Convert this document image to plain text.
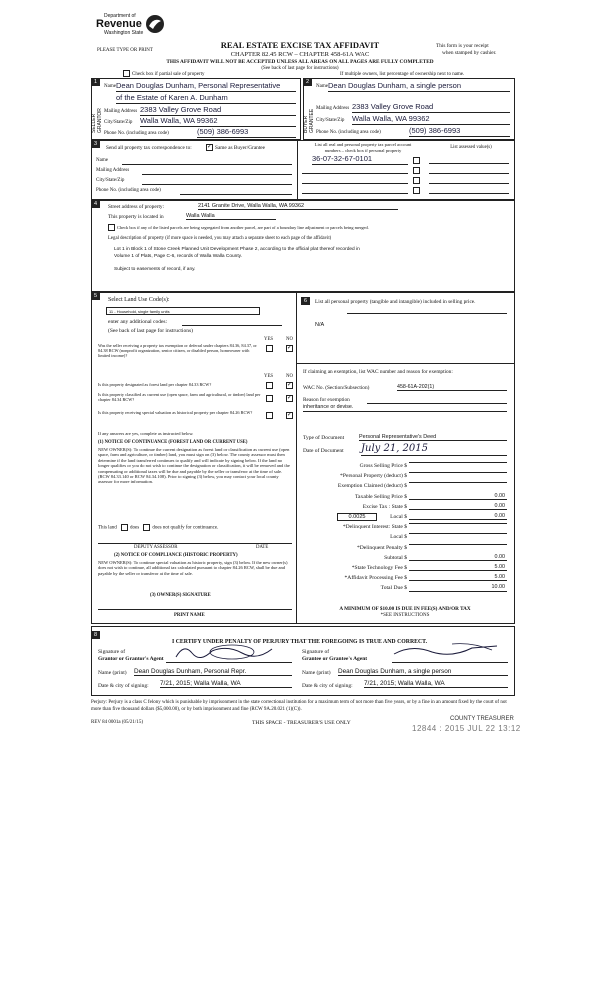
Department of
Revenue
Washington State
PLEASE TYPE OR PRINT
REAL ESTATE EXCISE TAX AFFIDAVIT
CHAPTER 82.45 RCW – CHAPTER 458-61A WAC
THIS AFFIDAVIT WILL NOT BE ACCEPTED UNLESS ALL AREAS ON ALL PAGES ARE FULLY COMPLETED
(See back of last page for instructions)
This form is your receipt
when stamped by cashier.
Check box if partial sale of property	If multiple owners, list percentage of ownership next to name.
1
SELLER GRANTOR
Name Dean Douglas Dunham, Personal Representative
of the Estate of Karen A. Dunham
Mailing Address 2383 Valley Grove Road
City/State/Zip Walla Walla, WA 99362
Phone No. (including area code)	(509) 386-6993
2
BUYER GRANTEE
Name Dean Douglas Dunham, a single person
Mailing Address 2383 Valley Grove Road
City/State/Zip Walla Walla, WA 99362
Phone No. (including area code)	(509) 386-6993
3
Send all property tax correspondence to:	✓ Same as Buyer/Grantee
Name
Mailing Address
City/State/Zip
Phone No. (including area code)
List all real and personal property tax parcel account
numbers – check box if personal property
List assessed value(s)
36-07-32-67-0101
4	Street address of property:	2141 Granite Drive, Walla Walla, WA 99362
This property is located in	Walla Walla
Check box if any of the listed parcels are being segregated from another parcel, are part of a boundary line adjustment or parcels being merged.
Legal description of property (if more space is needed, you may attach a separate sheet to each page of the affidavit)
Lot 1 in Block 1 of Stone Creek Planned Unit Development Phase 2, according to the official plat thereof recorded in
Volume 1 of Plats, Page C-6, records of Walla Walla County.
Subject to easements of record, if any.
5
Select Land Use Code(s):
11 - Household, single family units
enter any additional codes:
(See back of last page for instructions)
YES	NO
Was the seller receiving a property tax exemption or deferral under chapters 84.36, 84.37, or 84.38 RCW (nonprofit organization, senior citizen, or disabled person, homeowner with limited income)?
✓
YES	NO
Is this property designated as forest land per chapter 84.33 RCW?	✓
Is this property classified as current use (open space, farm and agricultural, or timber) land per chapter 84.34 RCW?	✓
Is this property receiving special valuation as historical property per chapter 84.26 RCW?	✓
If any answers are yes, complete as instructed below.
(1) NOTICE OF CONTINUANCE (FOREST LAND OR CURRENT USE)
NEW OWNER(S): To continue the current designation as forest land or classification as current use (open space, farm and agriculture, or timber) land, you must sign on (3) below. The county assessor must then determine if the land transferred continues to qualify and will indicate by signing below. If the land no longer qualifies or you do not wish to continue the designation or classification, it will be removed and the compensating or additional taxes will be due and payable by the seller or transferor at the time of sale. (RCW 84.33.140 or RCW 84.34.108). Prior to signing (3) below, you may contact your local county assessor for more information.
This land	does	does not qualify for continuance.
DEPUTY ASSESSOR	DATE
(2) NOTICE OF COMPLIANCE (HISTORIC PROPERTY)
NEW OWNER(S): To continue special valuation as historic property, sign (3) below. If the new owner(s) does not wish to continue, all additional tax calculated pursuant to chapter 84.26 RCW, shall be due and payable by the seller or transferor at the time of sale.
(3) OWNER(S) SIGNATURE
PRINT NAME
6	List all personal property (tangible and intangible) included in selling price.
N/A
If claiming an exemption, list WAC number and reason for exemption:
WAC No. (Section/Subsection)	458-61A-202(1)
Reason for exemption
inheritance or devise.
Type of Document	Personal Representative's Deed
Date of Document July 21, 2015
Gross Selling Price $
*Personal Property (deduct) $
Exemption Claimed (deduct) $
Taxable Selling Price $	0.00
Excise Tax : State $	0.00
Local $	0.00
0.0025
*Delinquent Interest: State $
Local $
*Delinquent Penalty $
Subtotal $	0.00
*State Technology Fee $	5.00
*Affidavit Processing Fee $	5.00
Total Due $	10.00
A MINIMUM OF $10.00 IS DUE IN FEE(S) AND/OR TAX
*SEE INSTRUCTIONS
8
I CERTIFY UNDER PENALTY OF PERJURY THAT THE FOREGOING IS TRUE AND CORRECT.
Signature of
Grantor or Grantor's Agent
Signature of
Grantee or Grantee's Agent
Name (print) Dean Douglas Dunham, Personal Repr.	Name (print) Dean Douglas Dunham, a single person
Date & city of signing: 7/21, 2015; Walla Walla, WA	Date & city of signing: 7/21, 2015; Walla Walla, WA
Perjury: Perjury is a class C felony which is punishable by imprisonment in the state correctional institution for a maximum term of not more than five years, or by a fine in an amount fixed by the court of not more than five thousand dollars ($5,000.00), or by both imprisonment and fine (RCW 9A.20.021 (1)(C)).
REV 84 0001a (05/21/15)	THIS SPACE - TREASURER'S USE ONLY
COUNTY TREASURER
12844 : 2015 JUL 22 13:12
